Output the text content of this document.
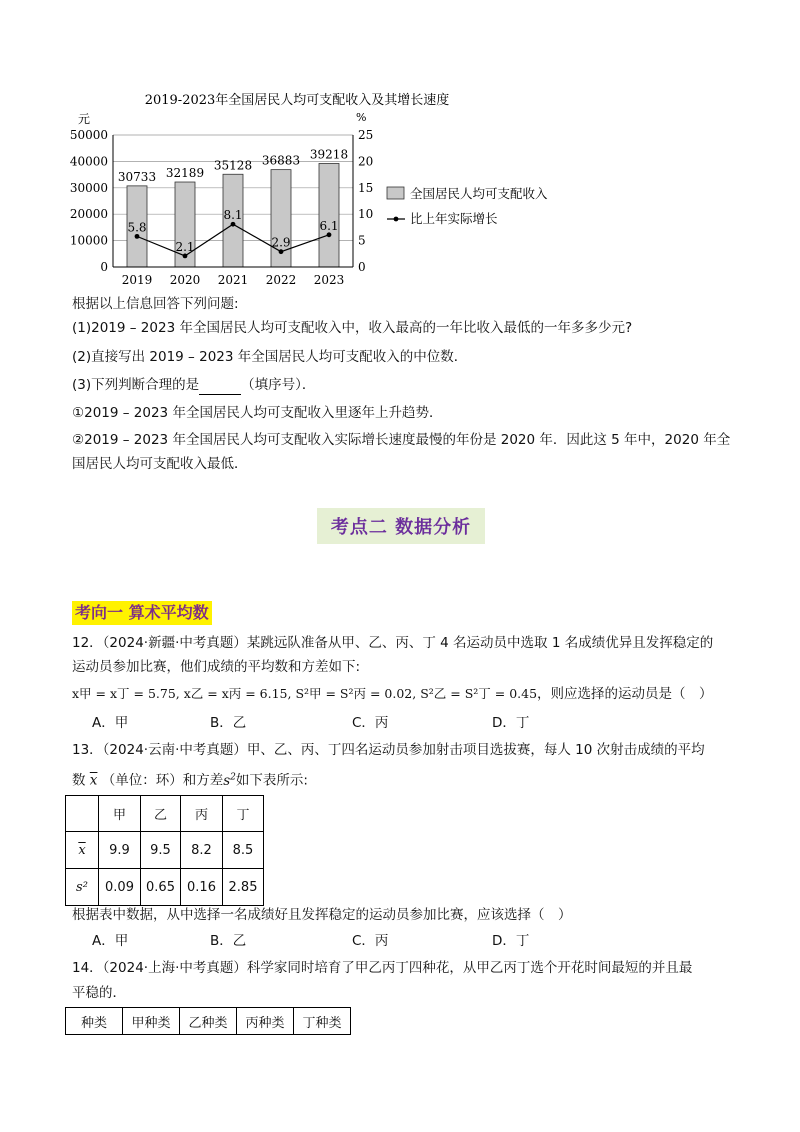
2019-2023年全国居民人均可支配收入及其增长速度
元	%
0	0
10000	5
20000	10
30000	15
40000	20
50000	25
2019 2020 2021 2022 2023
30733 32189
35128 36883 39218
5.8
2.1
8.1
2.9
6.1
全国居民人均可支配收入
比上年实际增长
根据以上信息回答下列问题:
(1)2019 – 2023 年全国居民人均可支配收入中，收入最高的一年比收入最低的一年多多少元?
(2)直接写出 2019 – 2023 年全国居民人均可支配收入的中位数．
(3)下列判断合理的是	（填序号）．
①2019 – 2023 年全国居民人均可支配收入里逐年上升趋势．
②2019 – 2023 年全国居民人均可支配收入实际增长速度最慢的年份是 2020 年．因此这 5 年中，2020 年全
国居民人均可支配收入最低．
考点二 数据分析
考向一 算术平均数
12．（2024·新疆·中考真题）某跳远队准备从甲、乙、丙、丁 4 名运动员中选取 1 名成绩优异且发挥稳定的
运动员参加比赛，他们成绩的平均数和方差如下:
x甲 = x丁 = 5.75, x乙 = x丙 = 6.15, S²甲 = S²丙 = 0.02, S²乙 = S²丁 = 0.45，则应选择的运动员是（　）
A．甲	B．乙	C．丙	D．丁
13．（2024·云南·中考真题）甲、乙、丙、丁四名运动员参加射击项目选拔赛，每人 10 次射击成绩的平均
数 $\overline{x}$ （单位：环）和方差$s^2$如下表所示:
	甲	乙	丙	丁
$\overline{x}$	9.9	9.5	8.2	8.5
s²	0.09	0.65	0.16	2.85
根据表中数据，从中选择一名成绩好且发挥稳定的运动员参加比赛，应该选择（　）
A．甲	B．乙	C．丙	D．丁
14．（2024·上海·中考真题）科学家同时培育了甲乙丙丁四种花，从甲乙丙丁选个开花时间最短的并且最
平稳的．
种类	甲种类	乙种类	丙种类	丁种类
